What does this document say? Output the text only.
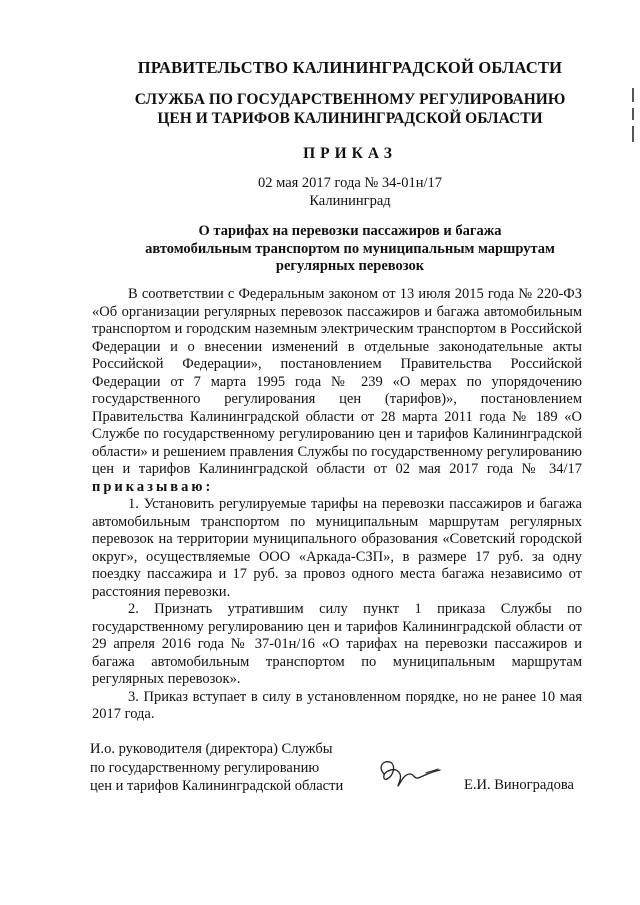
ПРАВИТЕЛЬСТВО КАЛИНИНГРАДСКОЙ ОБЛАСТИ
СЛУЖБА ПО ГОСУДАРСТВЕННОМУ РЕГУЛИРОВАНИЮ
ЦЕН И ТАРИФОВ КАЛИНИНГРАДСКОЙ ОБЛАСТИ
ПРИКАЗ
02 мая 2017 года № 34-01н/17
Калининград
О тарифах на перевозки пассажиров и багажа
автомобильным транспортом по муниципальным маршрутам
регулярных перевозок

В соответствии с Федеральным законом от 13 июля 2015 года № 220-ФЗ «Об организации регулярных перевозок пассажиров и багажа автомобильным транспортом и городским наземным электрическим транспортом в Российской Федерации и о внесении изменений в отдельные законодательные акты Российской Федерации», постановлением Правительства Российской Федерации от 7 марта 1995 года № 239 «О мерах по упорядочению государственного регулирования цен (тарифов)», постановлением Правительства Калининградской области от 28 марта 2011 года № 189 «О Службе по государственному регулированию цен и тарифов Калининградской области» и решением правления Службы по государственному регулированию цен и тарифов Калининградской области от 02 мая 2017 года № 34/17 приказываю:

1. Установить регулируемые тарифы на перевозки пассажиров и багажа автомобильным транспортом по муниципальным маршрутам регулярных перевозок на территории муниципального образования «Советский городской округ», осуществляемые ООО «Аркада-СЗП», в размере 17 руб. за одну поездку пассажира и 17 руб. за провоз одного места багажа независимо от расстояния перевозки.

2. Признать утратившим силу пункт 1 приказа Службы по государственному регулированию цен и тарифов Калининградской области от 29 апреля 2016 года № 37-01н/16 «О тарифах на перевозки пассажиров и багажа автомобильным транспортом по муниципальным маршрутам регулярных перевозок».

3. Приказ вступает в силу в установленном порядке, но не ранее 10 мая 2017 года.

И.о. руководителя (директора) Службы
по государственному регулированию
цен и тарифов Калининградской области	Е.И. Виноградова
